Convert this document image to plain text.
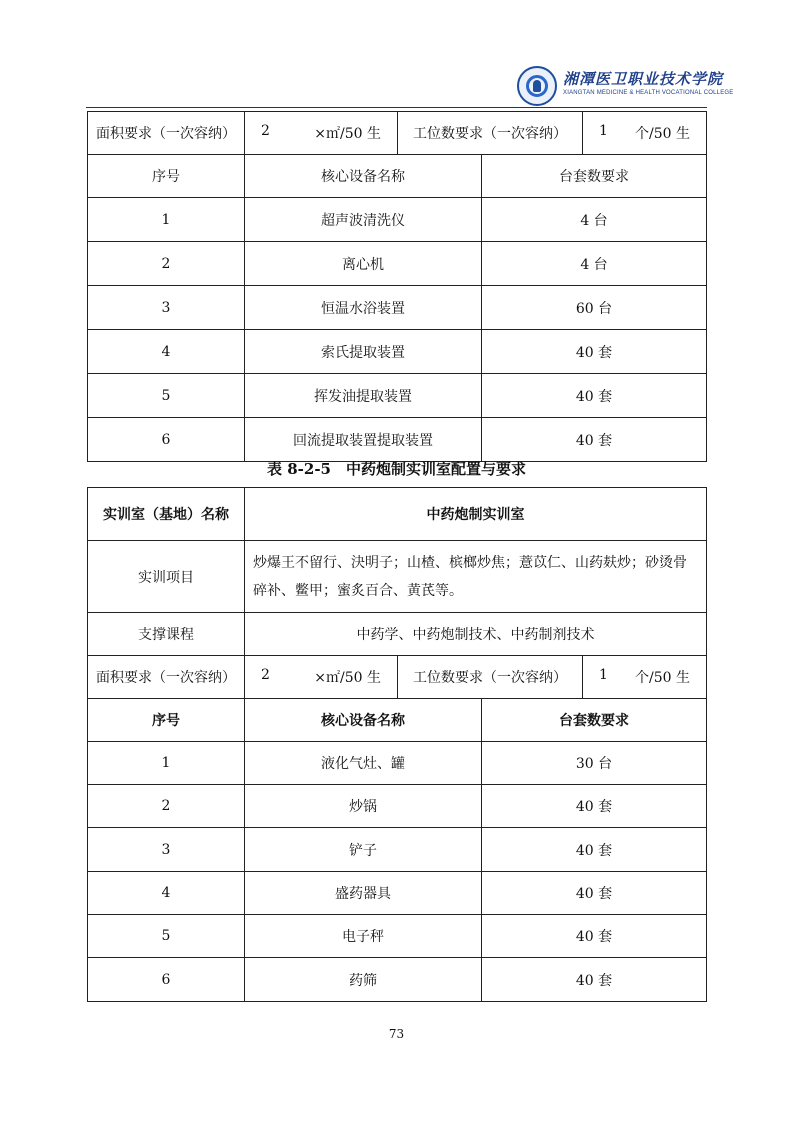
湘潭医卫职业技术学院
XIANGTAN MEDICINE & HEALTH VOCATIONAL COLLEGE
面积要求（一次容纳）	2 ×㎡/50 生	工位数要求（一次容纳）		1 个/50 生

序号	核心设备名称		台套数要求	
1	超声波清洗仪		4 台	
2	离心机		4 台	
3	恒温水浴装置		60 台	
4	索氏提取装置		40 套	
5	挥发油提取装置		40 套	
6	回流提取装置提取装置		40 套	
表 8-2-5　中药炮制实训室配置与要求
实训室（基地）名称	中药炮制实训室			
实训项目	炒爆王不留行、決明子；山楂、槟榔炒焦；薏苡仁、山药麸炒；砂烫骨碎补、鳖甲；蜜炙百合、黄芪等。			
支撑课程	中药学、中药炮制技术、中药制剂技术			
面积要求（一次容纳）	2 ×㎡/50 生	工位数要求（一次容纳）		1 个/50 生

序号	核心设备名称		台套数要求	
1	液化气灶、罐		30 台	
2	炒锅		40 套	
3	铲子		40 套	
4	盛药器具		40 套	
5	电子秤		40 套	
6	药筛		40 套	
73
